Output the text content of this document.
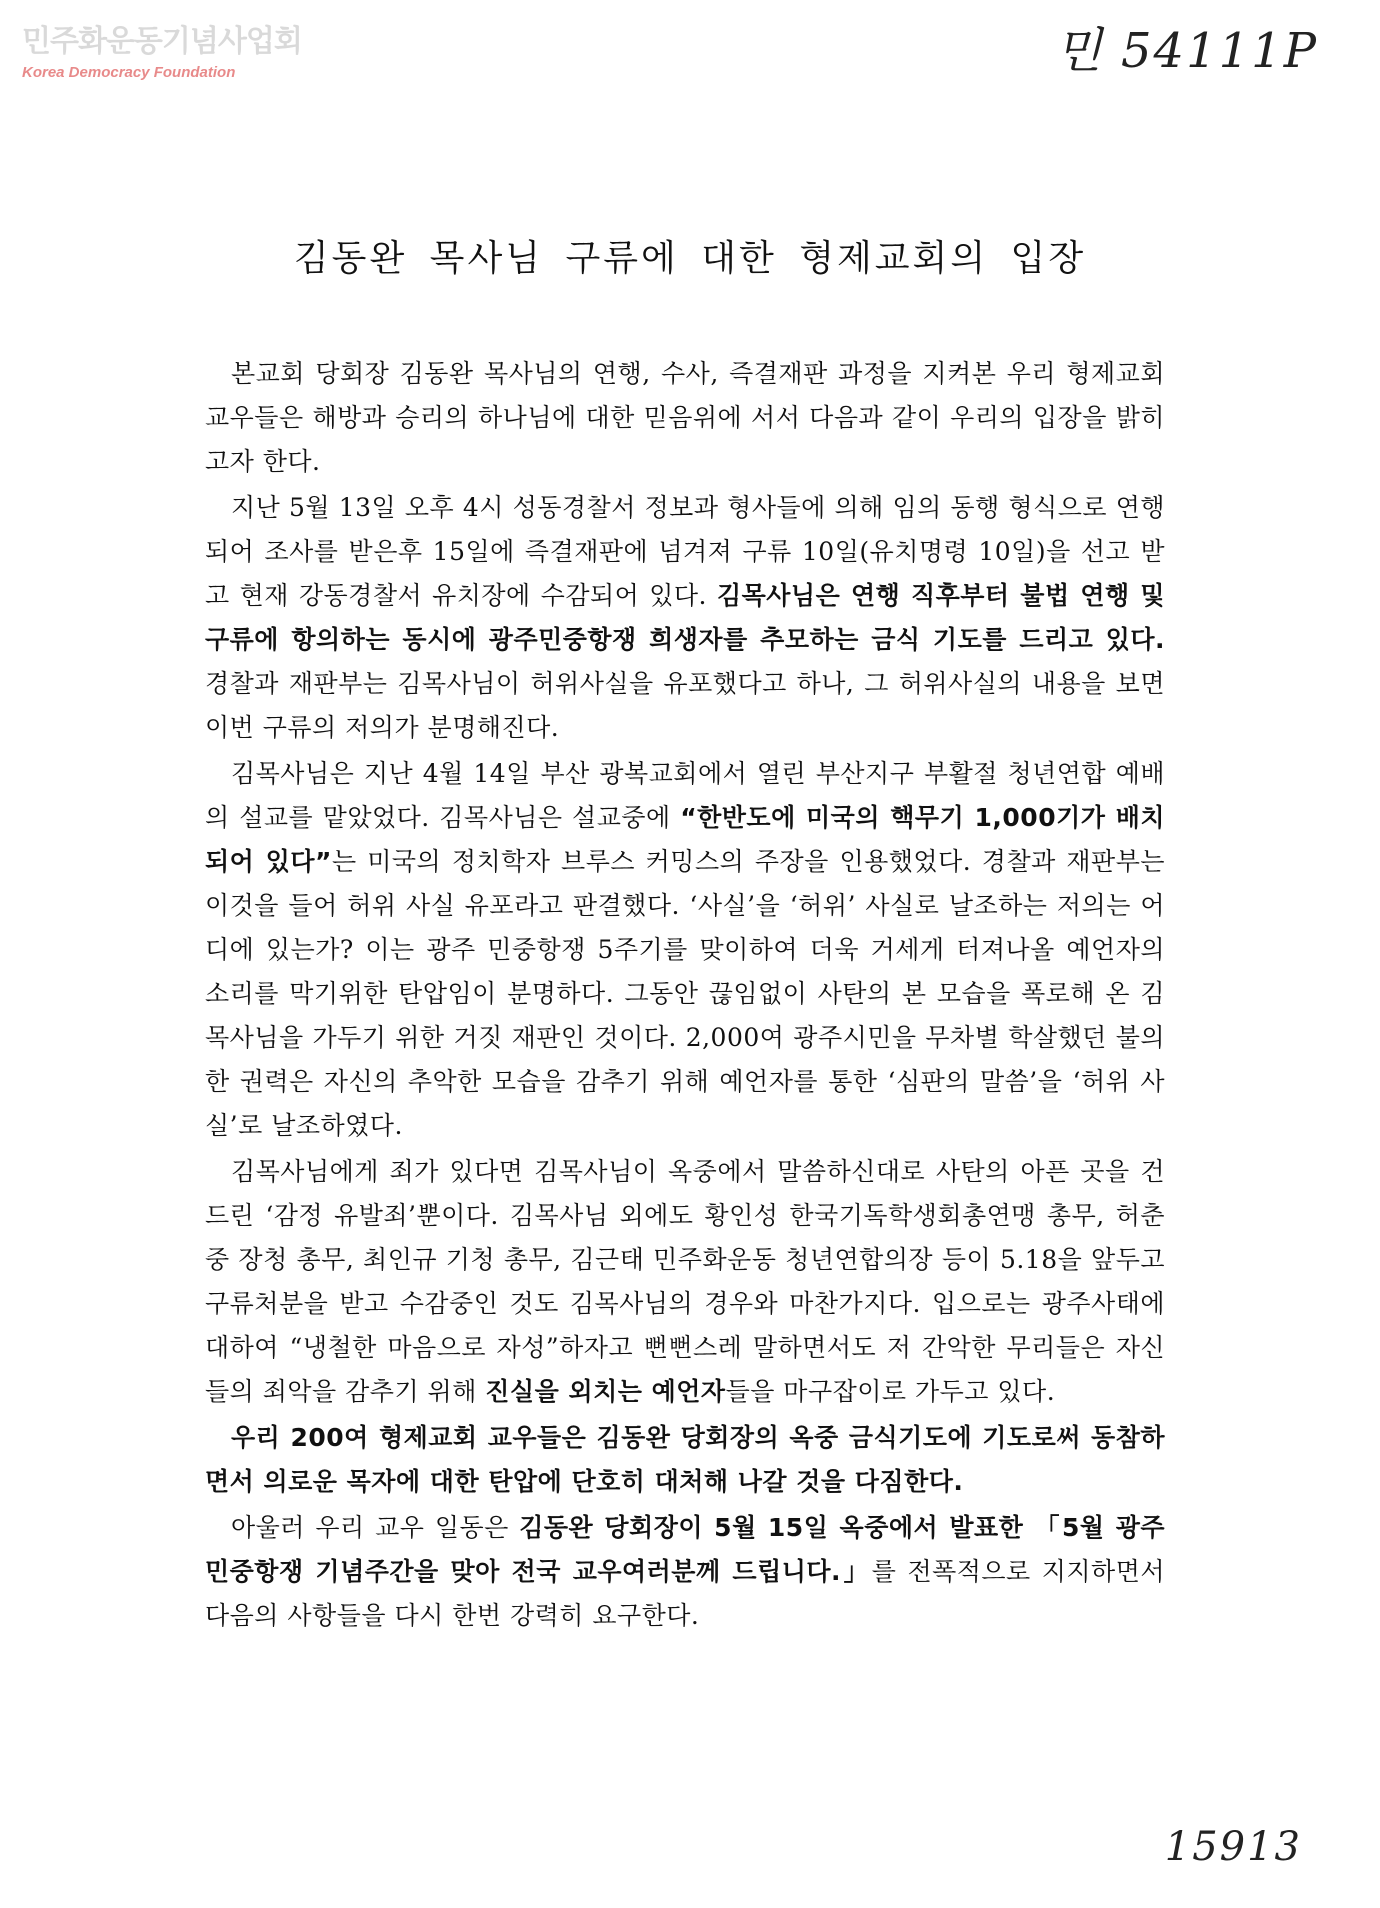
민주화운동기념사업회
Korea Democracy Foundation	민 54111P
김동완 목사님 구류에 대한 형제교회의 입장

본교회 당회장 김동완 목사님의 연행, 수사, 즉결재판 과정을 지켜본 우리 형제교회 교우들은 해방과 승리의 하나님에 대한 믿음위에 서서 다음과 같이 우리의 입장을 밝히고자 한다.

지난 5월 13일 오후 4시 성동경찰서 정보과 형사들에 의해 임의 동행 형식으로 연행되어 조사를 받은후 15일에 즉결재판에 넘겨져 구류 10일(유치명령 10일)을 선고 받고 현재 강동경찰서 유치장에 수감되어 있다. 김목사님은 연행 직후부터 불법 연행 및 구류에 항의하는 동시에 광주민중항쟁 희생자를 추모하는 금식 기도를 드리고 있다. 경찰과 재판부는 김목사님이 허위사실을 유포했다고 하나, 그 허위사실의 내용을 보면 이번 구류의 저의가 분명해진다.

김목사님은 지난 4월 14일 부산 광복교회에서 열린 부산지구 부활절 청년연합 예배의 설교를 맡았었다. 김목사님은 설교중에 “한반도에 미국의 핵무기 1,000기가 배치되어 있다”는 미국의 정치학자 브루스 커밍스의 주장을 인용했었다. 경찰과 재판부는 이것을 들어 허위 사실 유포라고 판결했다. ‘사실’을 ‘허위’ 사실로 날조하는 저의는 어디에 있는가? 이는 광주 민중항쟁 5주기를 맞이하여 더욱 거세게 터져나올 예언자의 소리를 막기위한 탄압임이 분명하다. 그동안 끊임없이 사탄의 본 모습을 폭로해 온 김목사님을 가두기 위한 거짓 재판인 것이다. 2,000여 광주시민을 무차별 학살했던 불의한 권력은 자신의 추악한 모습을 감추기 위해 예언자를 통한 ‘심판의 말씀’을 ‘허위 사실’로 날조하였다.

김목사님에게 죄가 있다면 김목사님이 옥중에서 말씀하신대로 사탄의 아픈 곳을 건드린 ‘감정 유발죄’뿐이다. 김목사님 외에도 황인성 한국기독학생회총연맹 총무, 허춘중 장청 총무, 최인규 기청 총무, 김근태 민주화운동 청년연합의장 등이 5.18을 앞두고 구류처분을 받고 수감중인 것도 김목사님의 경우와 마찬가지다. 입으로는 광주사태에 대하여 “냉철한 마음으로 자성”하자고 뻔뻔스레 말하면서도 저 간악한 무리들은 자신들의 죄악을 감추기 위해 진실을 외치는 예언자들을 마구잡이로 가두고 있다.

우리 200여 형제교회 교우들은 김동완 당회장의 옥중 금식기도에 기도로써 동참하면서 의로운 목자에 대한 탄압에 단호히 대처해 나갈 것을 다짐한다.

아울러 우리 교우 일동은 김동완 당회장이 5월 15일 옥중에서 발표한 「5월 광주민중항쟁 기념주간을 맞아 전국 교우여러분께 드립니다.」를 전폭적으로 지지하면서 다음의 사항들을 다시 한번 강력히 요구한다.

15913
